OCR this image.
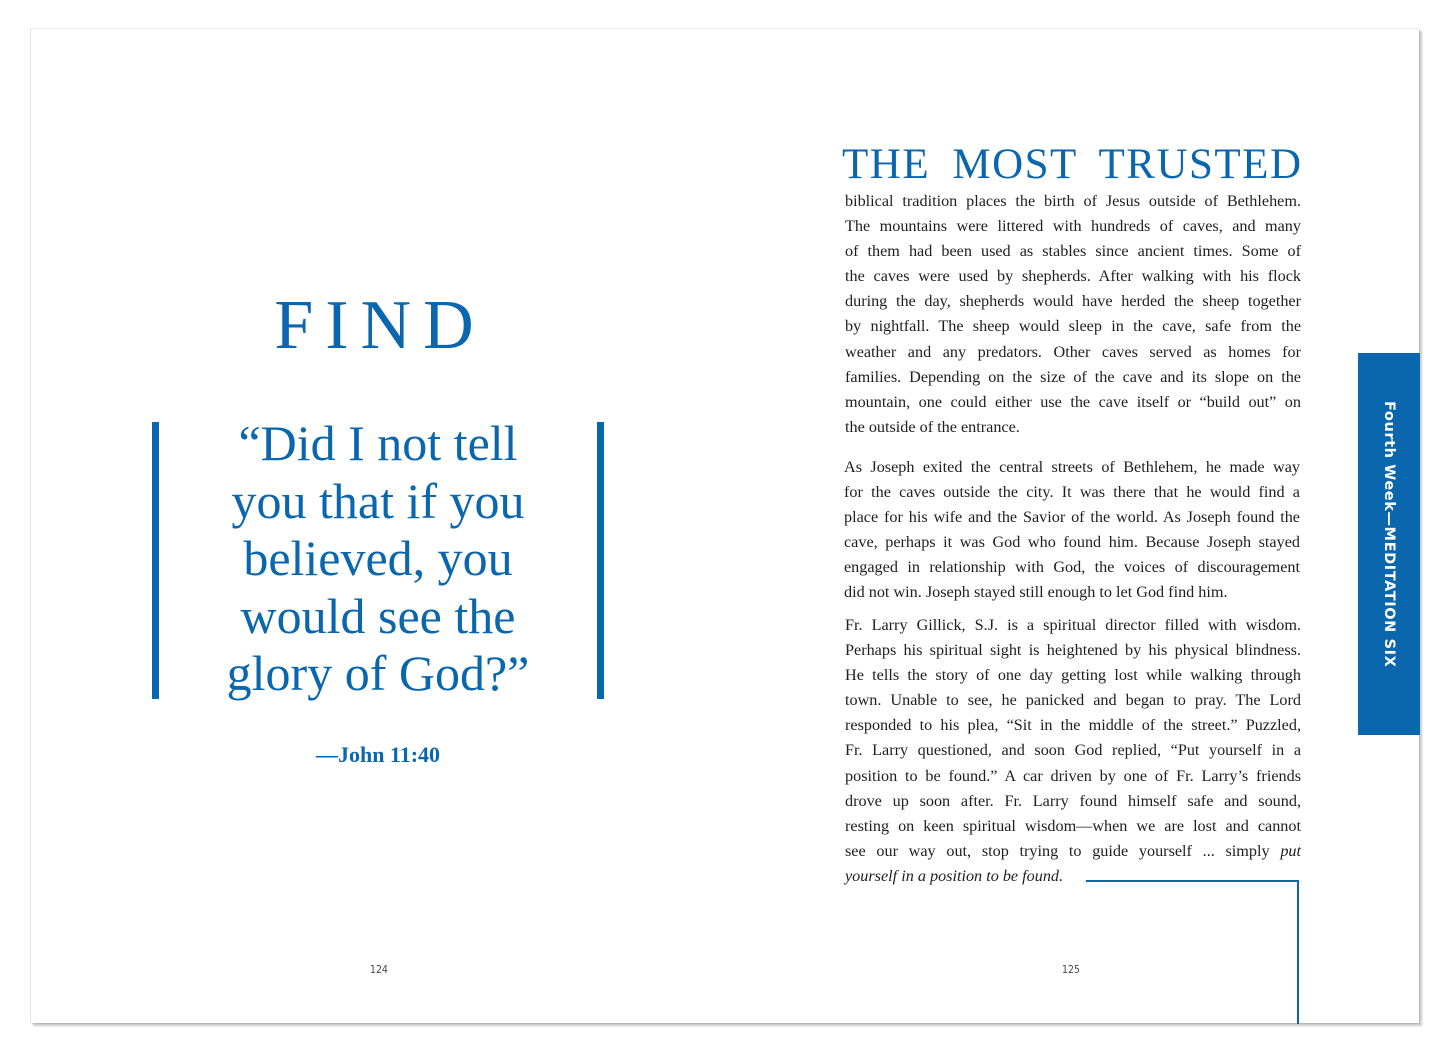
FIND
“Did I not tell
you that if you
believed, you
would see the
glory of God?”
—John 11:40
124
THE MOST TRUSTED
biblical tradition places the birth of Jesus outside of Bethlehem.
The mountains were littered with hundreds of caves, and many
of them had been used as stables since ancient times. Some of
the caves were used by shepherds. After walking with his flock
during the day, shepherds would have herded the sheep together
by nightfall. The sheep would sleep in the cave, safe from the
weather and any predators. Other caves served as homes for
families. Depending on the size of the cave and its slope on the
mountain, one could either use the cave itself or “build out” on
the outside of the entrance.
As Joseph exited the central streets of Bethlehem, he made way
for the caves outside the city. It was there that he would find a
place for his wife and the Savior of the world. As Joseph found the
cave, perhaps it was God who found him. Because Joseph stayed
engaged in relationship with God, the voices of discouragement
did not win. Joseph stayed still enough to let God find him.
Fr. Larry Gillick, S.J. is a spiritual director filled with wisdom.
Perhaps his spiritual sight is heightened by his physical blindness.
He tells the story of one day getting lost while walking through
town. Unable to see, he panicked and began to pray. The Lord
responded to his plea, “Sit in the middle of the street.” Puzzled,
Fr. Larry questioned, and soon God replied, “Put yourself in a
position to be found.” A car driven by one of Fr. Larry’s friends
drove up soon after. Fr. Larry found himself safe and sound,
resting on keen spiritual wisdom—when we are lost and cannot
see our way out, stop trying to guide yourself ... simply put
yourself in a position to be found.
125
Fourth Week—MEDITATION SIX
